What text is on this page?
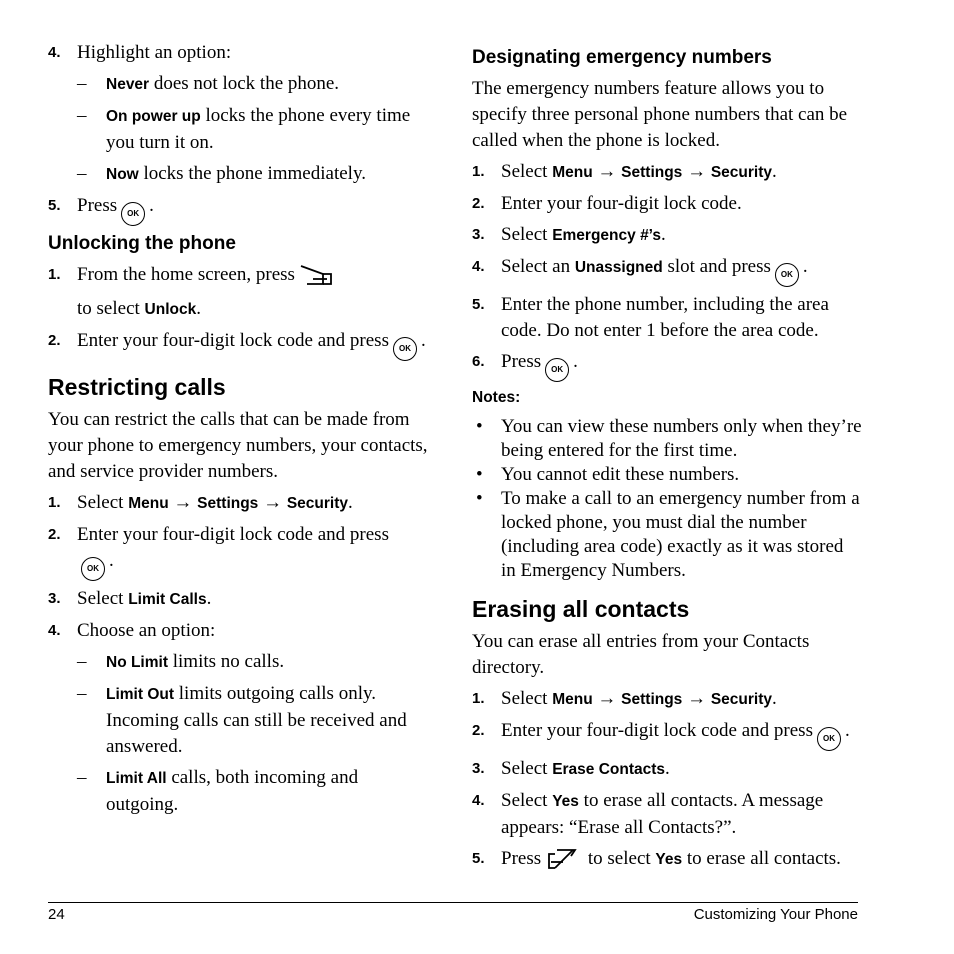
4. Highlight an option:
– Never does not lock the phone.
– On power up locks the phone every time you turn it on.
– Now locks the phone immediately.
5. Press OK .
Unlocking the phone
1. From the home screen, press
to select Unlock.
2. Enter your four-digit lock code and press OK .
Restricting calls

You can restrict the calls that can be made from your phone to emergency numbers, your contacts, and service provider numbers.

1. Select Menu → Settings → Security.
2. Enter your four-digit lock code and press
OK .
3. Select Limit Calls.
4. Choose an option:
– No Limit limits no calls.
– Limit Out limits outgoing calls only. Incoming calls can still be received and answered.
– Limit All calls, both incoming and outgoing.
Designating emergency numbers

The emergency numbers feature allows you to specify three personal phone numbers that can be called when the phone is locked.

1. Select Menu → Settings → Security.
2. Enter your four-digit lock code.
3. Select Emergency #’s.
4. Select an Unassigned slot and press OK .
5. Enter the phone number, including the area code. Do not enter 1 before the area code.
6. Press OK .
Notes:
• You can view these numbers only when they’re being entered for the first time.
• You cannot edit these numbers.
• To make a call to an emergency number from a locked phone, you must dial the number (including area code) exactly as it was stored in Emergency Numbers.
Erasing all contacts

You can erase all entries from your Contacts directory.

1. Select Menu → Settings → Security.
2. Enter your four-digit lock code and press OK .
3. Select Erase Contacts.
4. Select Yes to erase all contacts. A message appears: “Erase all Contacts?”.
5. Press to select Yes to erase all contacts.
24	Customizing Your Phone
